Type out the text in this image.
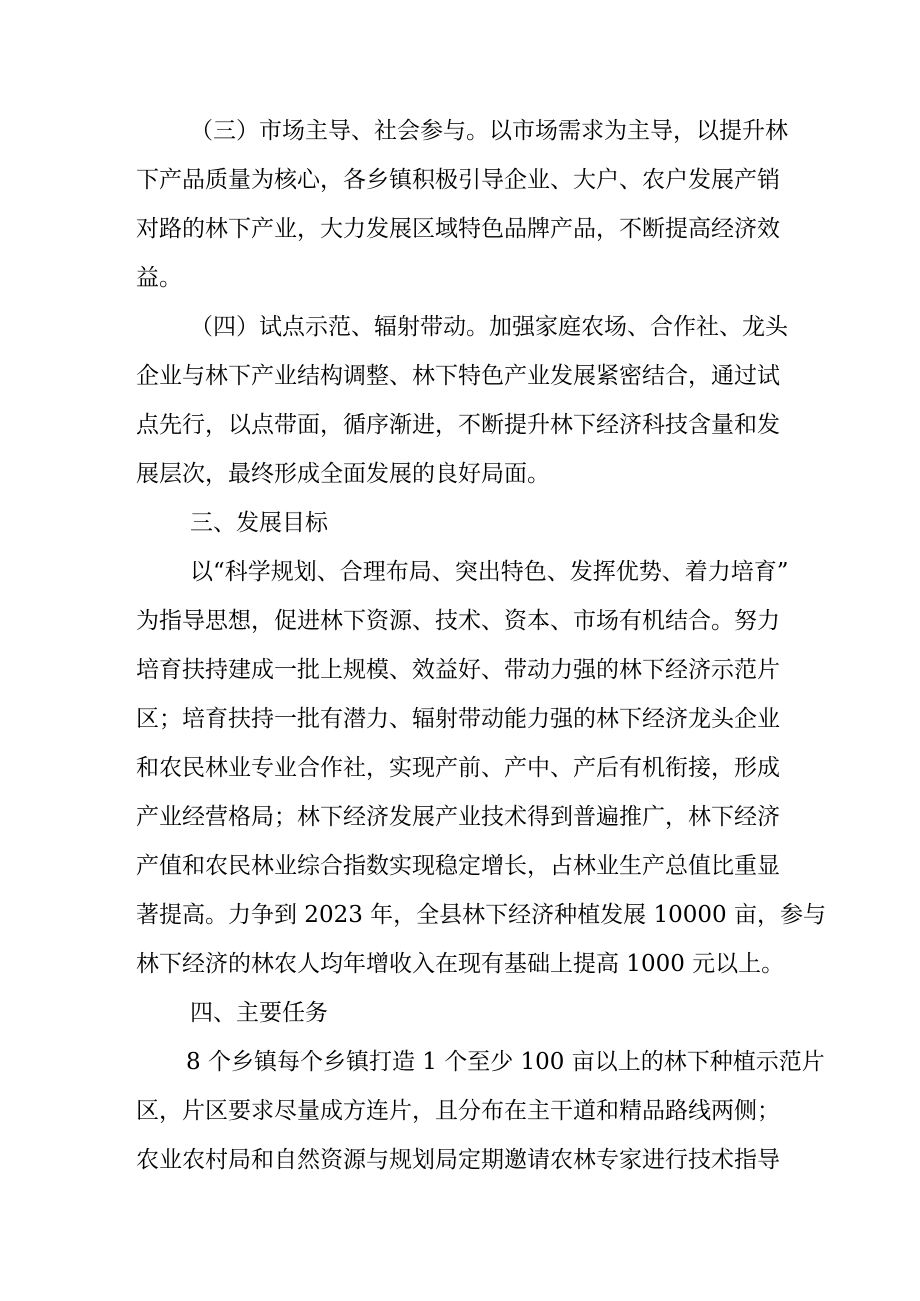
（三）市场主导、社会参与。以市场需求为主导，以提升林

下产品质量为核心，各乡镇积极引导企业、大户、农户发展产销

对路的林下产业，大力发展区域特色品牌产品，不断提高经济效

益。

（四）试点示范、辐射带动。加强家庭农场、合作社、龙头

企业与林下产业结构调整、林下特色产业发展紧密结合，通过试

点先行，以点带面，循序渐进，不断提升林下经济科技含量和发

展层次，最终形成全面发展的良好局面。

三、发展目标

以“科学规划、合理布局、突出特色、发挥优势、着力培育”

为指导思想，促进林下资源、技术、资本、市场有机结合。努力

培育扶持建成一批上规模、效益好、带动力强的林下经济示范片

区；培育扶持一批有潜力、辐射带动能力强的林下经济龙头企业

和农民林业专业合作社，实现产前、产中、产后有机衔接，形成

产业经营格局；林下经济发展产业技术得到普遍推广，林下经济

产值和农民林业综合指数实现稳定增长，占林业生产总值比重显

著提高。力争到 2023 年，全县林下经济种植发展 10000 亩，参与

林下经济的林农人均年增收入在现有基础上提高 1000 元以上。

四、主要任务

8 个乡镇每个乡镇打造 1 个至少 100 亩以上的林下种植示范片

区，片区要求尽量成方连片，且分布在主干道和精品路线两侧；

农业农村局和自然资源与规划局定期邀请农林专家进行技术指导
